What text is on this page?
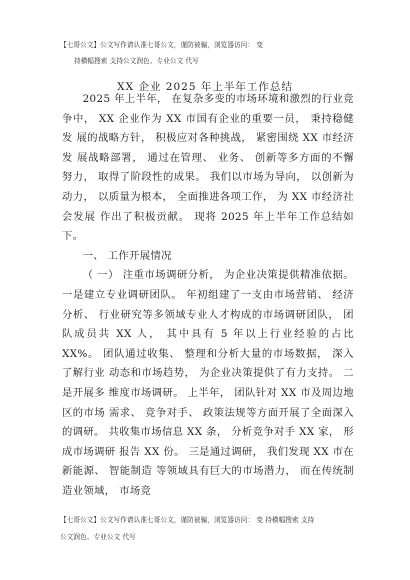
【七哥公文】公文写作请认准七哥公文，谨防被骗，浏览器访问： 变
持横幅搜索 支持公文润色、专业公文 代写
XX 企业 2025 年上半年工作总结

2025 年上半年， 在复杂多变的市场环境和激烈的行业竞争中， XX 企业作为 XX 市国有企业的重要一员， 秉持稳健发 展的战略方针， 积极应对各种挑战， 紧密围绕 XX 市经济发 展战略部署， 通过在管理、 业务、 创新等多方面的不懈努力， 取得了阶段性的成果。 我们以市场为导向， 以创新为动力， 以质量为根本， 全面推进各项工作， 为 XX 市经济社会发展 作出了积极贡献。 现将 2025 年上半年工作总结如下。

一、 工作开展情况

（ 一） 注重市场调研分析， 为企业决策提供精准依据。 一是建立专业调研团队。 年初组建了一支由市场营销、 经济 分析、 行业研究等多领域专业人才构成的市场调研团队， 团 队成员共 XX 人， 其中具有 5 年以上行业经验的占比 XX%。 团队通过收集、 整理和分析大量的市场数据， 深入了解行业 动态和市场趋势， 为企业决策提供了有力支持。 二是开展多 维度市场调研。 上半年， 团队针对 XX 市及周边地区的市场 需求、 竞争对手、 政策法规等方面开展了全面深入的调研。 共收集市场信息 XX 条， 分析竞争对手 XX 家， 形成市场调研 报告 XX 份。 三是通过调研， 我们发现 XX 市在新能源、 智能制造 等领域具有巨大的市场潜力， 而在传统制造业领域， 市场竞

【七哥公文】公文写作请认准七哥公文，谨防被骗，浏览器访问： 变 持横幅搜索 支持
公文润色、专业公文 代写
